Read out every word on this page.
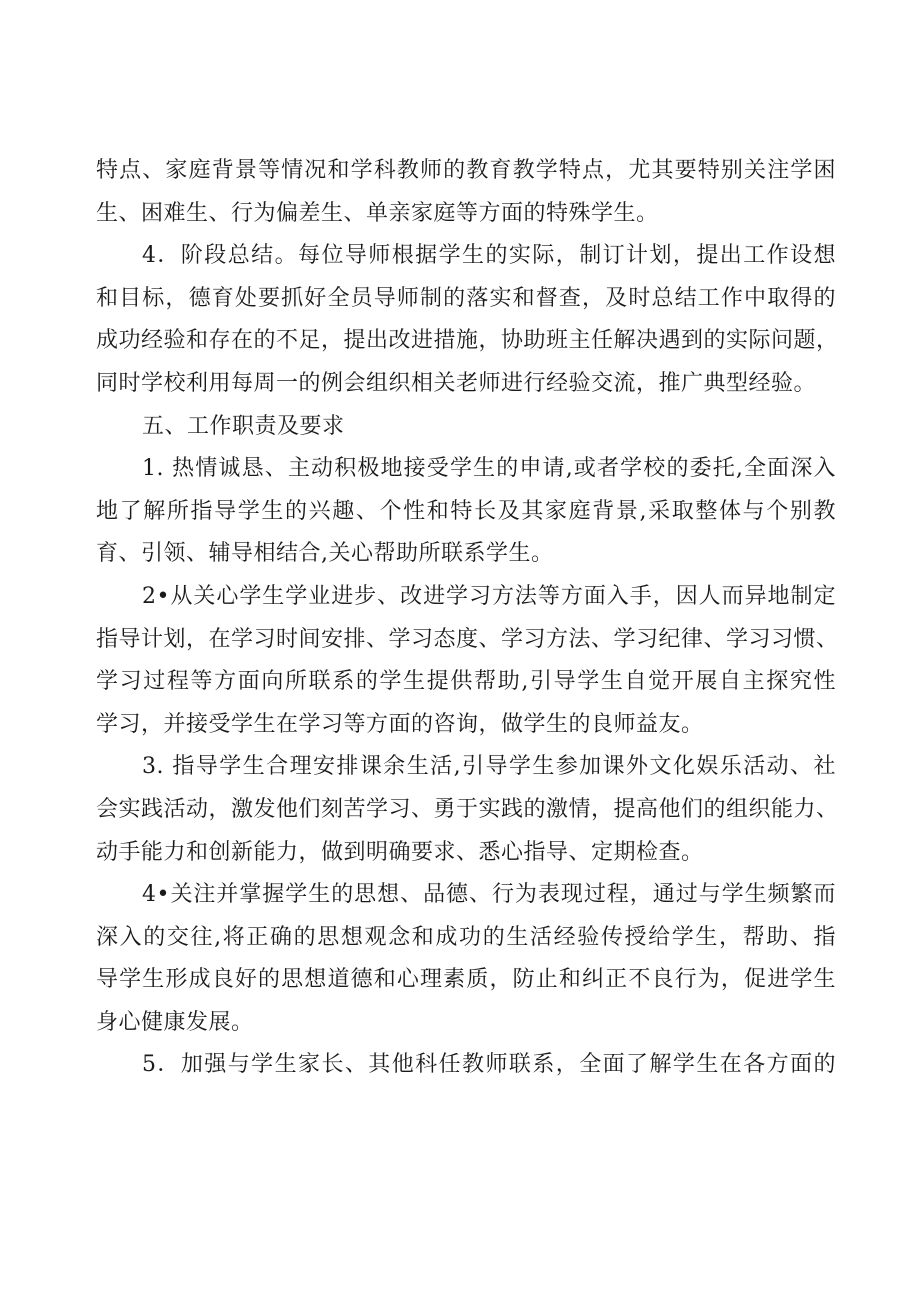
特点、家庭背景等情况和学科教师的教育教学特点，尤其要特别关注学困
生、困难生、行为偏差生、单亲家庭等方面的特殊学生。
4．阶段总结。每位导师根据学生的实际，制订计划，提出工作设想
和目标，德育处要抓好全员导师制的落实和督查，及时总结工作中取得的
成功经验和存在的不足，提出改进措施，协助班主任解决遇到的实际问题，
同时学校利用每周一的例会组织相关老师进行经验交流，推广典型经验。
五、工作职责及要求
1. 热情诚恳、主动积极地接受学生的申请,或者学校的委托,全面深入
地了解所指导学生的兴趣、个性和特长及其家庭背景,采取整体与个别教
育、引领、辅导相结合,关心帮助所联系学生。
2•从关心学生学业进步、改进学习方法等方面入手，因人而异地制定
指导计划，在学习时间安排、学习态度、学习方法、学习纪律、学习习惯、
学习过程等方面向所联系的学生提供帮助,引导学生自觉开展自主探究性
学习，并接受学生在学习等方面的咨询，做学生的良师益友。
3. 指导学生合理安排课余生活,引导学生参加课外文化娱乐活动、社
会实践活动，激发他们刻苦学习、勇于实践的激情，提高他们的组织能力、
动手能力和创新能力，做到明确要求、悉心指导、定期检查。
4•关注并掌握学生的思想、品德、行为表现过程，通过与学生频繁而
深入的交往,将正确的思想观念和成功的生活经验传授给学生，帮助、指
导学生形成良好的思想道德和心理素质，防止和纠正不良行为，促进学生
身心健康发展。
5．加强与学生家长、其他科任教师联系，全面了解学生在各方面的
